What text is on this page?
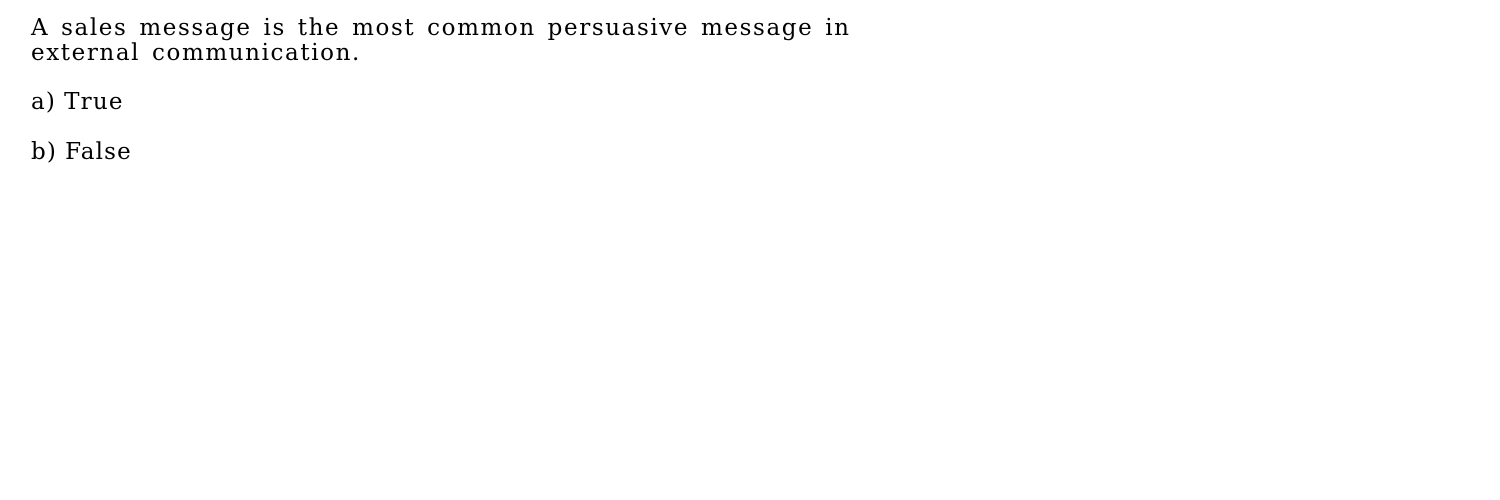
A sales message is the most common persuasive message in
external communication.

a) True
b) False
